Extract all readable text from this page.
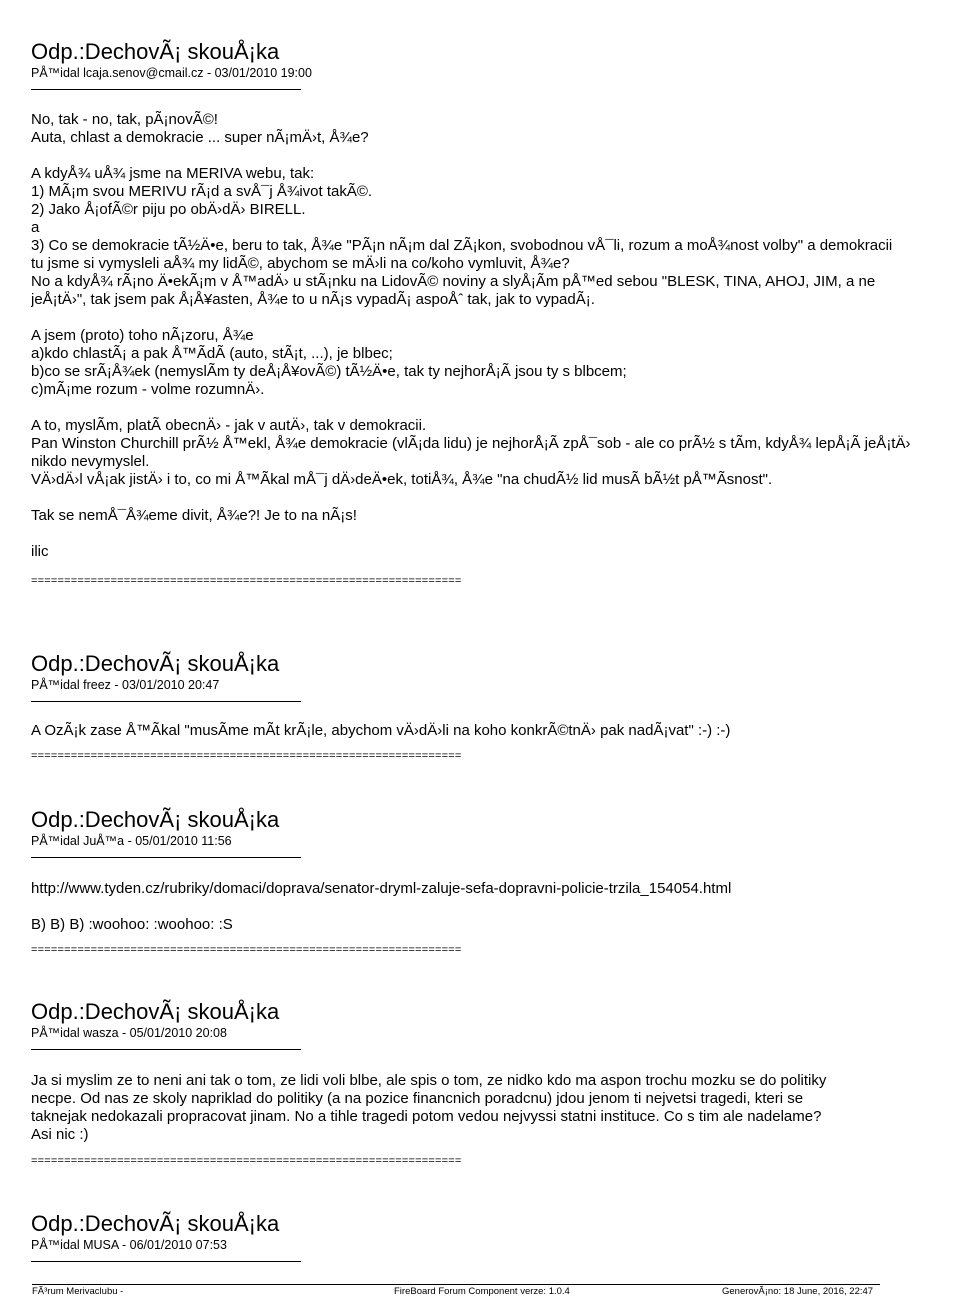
Odp.:DechovÃ¡ skouÅ¡ka
PÅ™idal lcaja.senov@cmail.cz - 03/01/2010 19:00
No, tak - no, tak, pÃ¡novÃ©!
Auta, chlast a demokracie ... super nÃ¡mÄ›t, Å¾e?
A kdyÅ¾ uÅ¾ jsme na MERIVA webu, tak:
1) MÃ¡m svou MERIVU rÃ¡d a svÅ¯j Å¾ivot takÃ©.
2) Jako Å¡ofÃ©r piju po obÄ›dÄ› BIRELL.
a
3) Co se demokracie tÃ½Ä•e, beru to tak, Å¾e "PÃ¡n nÃ¡m dal ZÃ¡kon, svobodnou vÅ¯li, rozum a moÅ¾nost volby" a demokracii
tu jsme si vymysleli aÅ¾ my lidÃ©, abychom se mÄ›li na co/koho vymluvit, Å¾e?
No a kdyÅ¾ rÃ¡no Ä•ekÃ¡m v Å™adÄ› u stÃ¡nku na LidovÃ© noviny a slyÅ¡Ãm pÅ™ed sebou "BLESK, TINA, AHOJ, JIM, a ne
jeÅ¡tÄ›", tak jsem pak Å¡Å¥asten, Å¾e to u nÃ¡s vypadÃ¡ aspoÅˆ tak, jak to vypadÃ¡.
A jsem (proto) toho nÃ¡zoru, Å¾e
a)kdo chlastÃ¡ a pak Å™ÃdÃ (auto, stÃ¡t, ...), je blbec;
b)co se srÃ¡Å¾ek (nemyslÃm ty deÅ¡Å¥ovÃ©) tÃ½Ä•e, tak ty nejhorÅ¡Ã jsou ty s blbcem;
c)mÃ¡me rozum - volme rozumnÄ›.
A to, myslÃm, platÃ obecnÄ› - jak v autÄ›, tak v demokracii.
Pan Winston Churchill prÃ½ Å™ekl, Å¾e demokracie (vlÃ¡da lidu) je nejhorÅ¡Ã zpÅ¯sob - ale co prÃ½ s tÃm, kdyÅ¾ lepÅ¡Ã jeÅ¡tÄ›
nikdo nevymyslel.
VÄ›dÄ›l vÅ¡ak jistÄ› i to, co mi Å™Ãkal mÅ¯j dÄ›deÄ•ek, totiÅ¾, Å¾e "na chudÃ½ lid musÃ bÃ½t pÅ™Ãsnost".
Tak se nemÅ¯Å¾eme divit, Å¾e?! Je to na nÃ¡s!
ilic
=================================================================
Odp.:DechovÃ¡ skouÅ¡ka
PÅ™idal freez - 03/01/2010 20:47
A OzÃ¡k zase Å™Ãkal "musÃme mÃt krÃ¡le, abychom vÄ›dÄ›li na koho konkrÃ©tnÄ› pak nadÃ¡vat" :-) :-)
=================================================================
Odp.:DechovÃ¡ skouÅ¡ka
PÅ™idal JuÅ™a - 05/01/2010 11:56
http://www.tyden.cz/rubriky/domaci/doprava/senator-dryml-zaluje-sefa-dopravni-policie-trzila_154054.html
B) B) B) :woohoo: :woohoo: :S
=================================================================
Odp.:DechovÃ¡ skouÅ¡ka
PÅ™idal wasza - 05/01/2010 20:08
Ja si myslim ze to neni ani tak o tom, ze lidi voli blbe, ale spis o tom, ze nidko kdo ma aspon trochu mozku se do politiky
necpe. Od nas ze skoly napriklad do politiky (a na pozice financnich poradcnu) jdou jenom ti nejvetsi tragedi, kteri se
taknejak nedokazali propracovat jinam. No a tihle tragedi potom vedou nejvyssi statni instituce. Co s tim ale nadelame?
Asi nic :)
=================================================================
Odp.:DechovÃ¡ skouÅ¡ka
PÅ™idal MUSA - 06/01/2010 07:53
FÃ³rum Merivaclubu -	FireBoard Forum Component verze: 1.0.4	GenerovÃ¡no: 18 June, 2016, 22:47
